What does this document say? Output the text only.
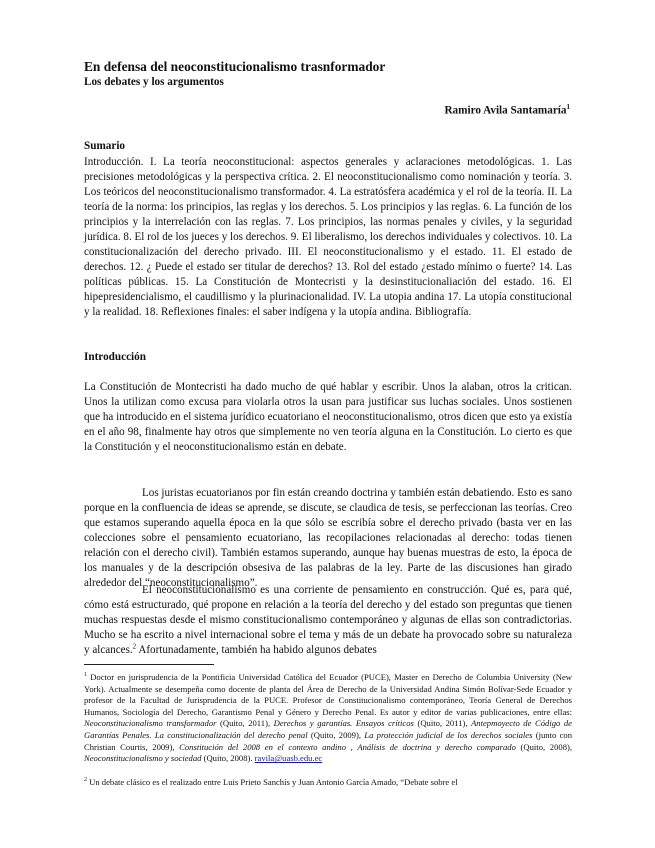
En defensa del neoconstitucionalismo trasnformador
Los debates y los argumentos
Ramiro Avila Santamaría$^1$
Sumario
Introducción. I. La teoría neoconstitucional: aspectos generales y aclaraciones metodológicas. 1. Las precisiones metodológicas y la perspectiva crítica. 2. El neoconstitucionalismo como nominación y teoría. 3. Los teóricos del neoconstitucionalismo transformador. 4. La estratósfera académica y el rol de la teoría. II. La teoría de la norma: los principios, las reglas y los derechos. 5. Los principios y las reglas. 6. La función de los principios y la interrelación con las reglas. 7. Los principios, las normas penales y civiles, y la seguridad jurídica. 8. El rol de los jueces y los derechos. 9. El liberalismo, los derechos individuales y colectivos. 10. La constitucionalización del derecho privado. III. El neoconstitucionalismo y el estado. 11. El estado de derechos. 12. ¿ Puede el estado ser titular de derechos? 13. Rol del estado ¿estado mínimo o fuerte? 14. Las políticas públicas. 15. La Constitución de Montecristi y la desinstitucionaliación del estado. 16. El hipepresidencialismo, el caudillismo y la plurinacionalidad. IV. La utopia andina 17. La utopía constitucional y la realidad. 18. Reflexiones finales: el saber indígena y la utopía andina. Bibliografía.
Introducción
La Constitución de Montecristi ha dado mucho de qué hablar y escribir. Unos la alaban, otros la critican. Unos la utilizan como excusa para violarla otros la usan para justificar sus luchas sociales. Unos sostienen que ha introducido en el sistema jurídico ecuatoriano el neoconstitucionalismo, otros dicen que esto ya existía en el año 98, finalmente hay otros que simplemente no ven teoría alguna en la Constitución. Lo cierto es que la Constitución y el neoconstitucionalismo están en debate.
Los juristas ecuatorianos por fin están creando doctrina y también están debatiendo. Esto es sano porque en la confluencia de ideas se aprende, se discute, se claudica de tesis, se perfeccionan las teorías. Creo que estamos superando aquella época en la que sólo se escribía sobre el derecho privado (basta ver en las colecciones sobre el pensamiento ecuatoriano, las recopilaciones relacionadas al derecho: todas tienen relación con el derecho civil). También estamos superando, aunque hay buenas muestras de esto, la época de los manuales y de la descripción obsesiva de las palabras de la ley. Parte de las discusiones han girado alrededor del “neoconstitucionalismo”.
El neoconstitucionalismo es una corriente de pensamiento en construcción. Qué es, para qué, cómo está estructurado, qué propone en relación a la teoría del derecho y del estado son preguntas que tienen muchas respuestas desde el mismo constitucionalismo contemporáneo y algunas de ellas son contradictorias. Mucho se ha escrito a nivel internacional sobre el tema y más de un debate ha provocado sobre su naturaleza y alcances.$^2$ Afortunadamente, también ha habido algunos debates
$^1$ Doctor en jurisprudencia de la Pontificia Universidad Católica del Ecuador (PUCE), Master en Derecho de Columbia University (New York). Actualmente se desempeña como docente de planta del Área de Derecho de la Universidad Andina Simón Bolívar-Sede Ecuador y profesor de la Facultad de Jurisprudencia de la PUCE. Profesor de Constitucionalismo contemporáneo, Teoría General de Derechos Humanos, Sociología del Derecho, Garantismo Penal y Género y Derecho Penal. Es autor y editor de varias publicaciones, entre ellas: Neoconstitucionalismo transformador (Quito, 2011), Derechos y garantías. Ensayos críticos (Quito, 2011), Antepmoyecto de Código de Garantías Penales. La constitucionalización del derecho penal (Quito, 2009), La protección judicial de los derechos sociales (junto con Christian Courtis, 2009), Constitución del 2008 en el contexto andino , Análisis de doctrina y derecho comparado (Quito, 2008), Neoconstitucionalismo y sociedad (Quito, 2008). ravila@uasb.edu.ec
$^2$ Un debate clásico es el realizado entre Luis Prieto Sanchís y Juan Antonio García Amado, “Debate sobre el
